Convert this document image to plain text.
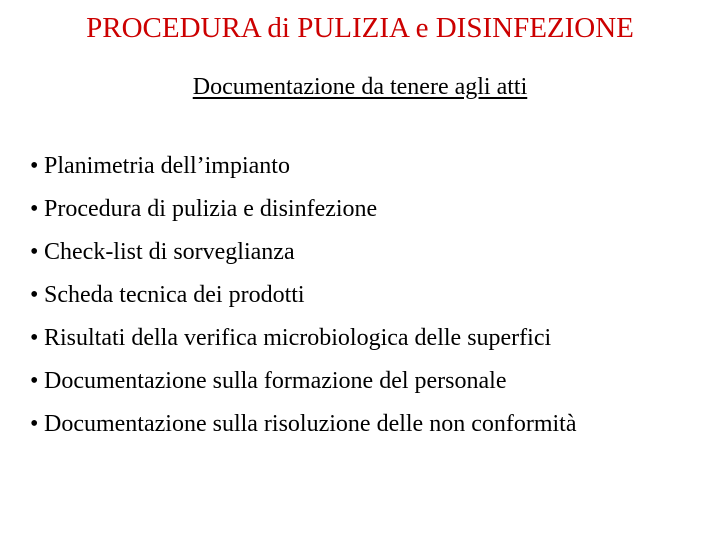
PROCEDURA di PULIZIA e DISINFEZIONE
Documentazione da tenere agli atti
• Planimetria dell’impianto
• Procedura di pulizia e disinfezione
• Check-list di sorveglianza
• Scheda tecnica dei prodotti
• Risultati della verifica microbiologica delle superfici
• Documentazione sulla formazione del personale
• Documentazione sulla risoluzione delle non conformità
